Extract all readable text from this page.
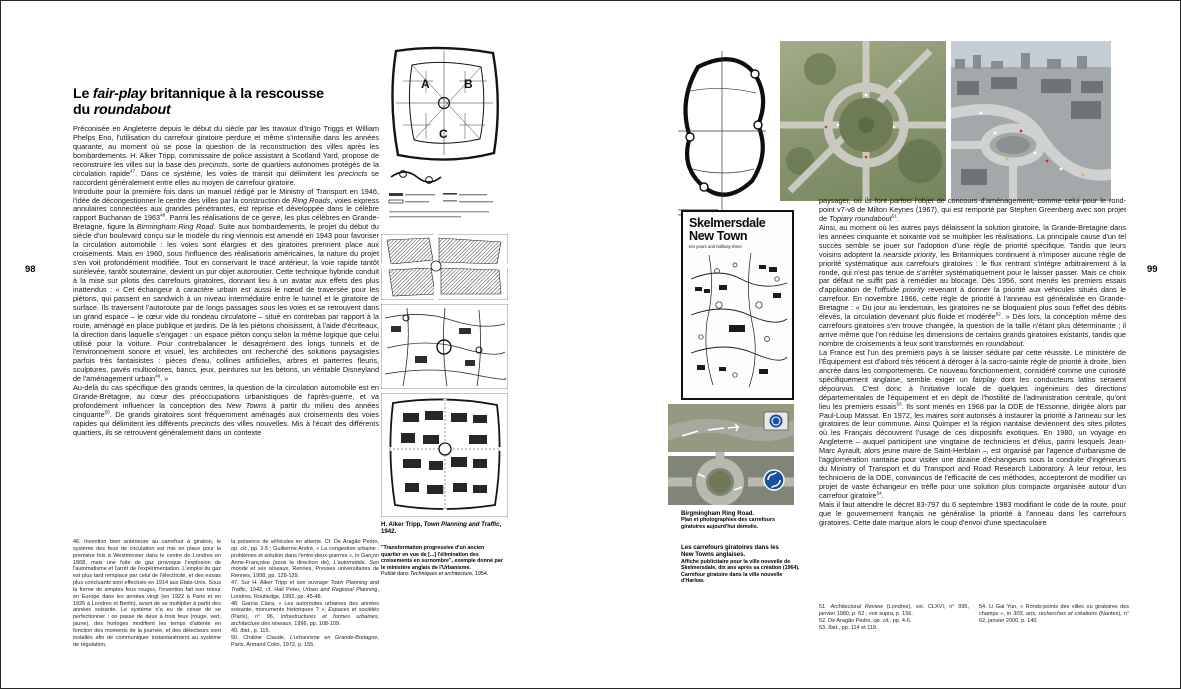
98	99
Le fair-play britannique à la rescousse
du roundabout

Préconisée en Angleterre depuis le début du siècle par les travaux d'Inigo Triggs et William Phelps Eno, l'utilisation du carrefour giratoire perdure et même s'intensifie dans les années quarante, au moment où se pose la question de la reconstruction des villes après les bombardements. H. Alker Tripp, commissaire de police assistant à Scotland Yard, propose de reconstruire les villes sur la base des precincts, sorte de quartiers autonomes protégés de la circulation rapide$^{47}$. Dans ce système, les voies de transit qui délimitent les precincts se raccordent généralement entre elles au moyen de carrefour giratoire.

Introduite pour la première fois dans un manuel rédigé par le Ministry of Transport en 1946, l'idée de décongestionner le centre des villes par la construction de Ring Roads, voies express annulaires connectées aux grandes pénétrantes, est reprise et développée dans le célèbre rapport Buchanan de 1963$^{48}$. Parmi les réalisations de ce genre, les plus célèbres en Grande-Bretagne, figure la Birmingham Ring Road. Suite aux bombardements, le projet du début du siècle d'un boulevard conçu sur le modèle du ring viennois est amendé en 1943 pour favoriser la circulation automobile : les voies sont élargies et des giratoires prennent place aux croisements. Mais en 1960, sous l'influence des réalisations américaines, la nature du projet s'en voit profondément modifiée. Tout en conservant le tracé antérieur, la voie rapide tantôt surélevée, tantôt souterraine, devient un pur objet autoroutier. Cette technique hybride conduit à la mise sur pilotis des carrefours giratoires, donnant lieu à un avatar aux effets des plus inattendus : « Cet échangeur à caractère urbain est aussi le nœud de traversée pour les piétons, qui passent en sandwich à un niveau intermédiaire entre le tunnel et le giratoire de surface. Ils traversent l'autoroute par de longs passages sous les voies et se retrouvent dans un grand espace – le cœur vide du rondeau circulatoire – situé en contrebas par rapport à la route, aménagé en place publique et jardins. De là les piétons choisissent, à l'aide d'écriteaux, la direction dans laquelle s'engager : un espace piéton conçu selon la même logique que celui utilisé pour la voiture. Pour contrebalancer le désagrément des longs tunnels et de l'environnement sonore et visuel, les architectes ont recherché des solutions paysagistes parfois très fantaisistes : pièces d'eau, collines artificielles, arbres et parterres fleuris, sculptures, pavés multicolores, bancs, jeux, peintures sur les bétons, un véritable Disneyland de l'aménagement urbain$^{49}$. »

Au-delà du cas spécifique des grands centres, la question de la circulation automobile est en Grande-Bretagne, au cœur des préoccupations urbanistiques de l'après-guerre, et va profondément influencer la conception des New Towns à partir du milieu des années cinquante$^{50}$. De grands giratoires sont fréquemment aménagés aux croisements des voies rapides qui délimitent les différents precincts des villes nouvelles. Mis à l'écart des différents quartiers, ils se retrouvent généralement dans un contexte

46. Invention bien antérieure au carrefour à giration, le système des feux de circulation est mis en place pour la première fois à Westminster dans le centre de Londres en 1868, mais une fuite de gaz provoque l'explosion de l'automatisme et l'arrêt de l'expérimentation. L'emploi du gaz est plus tard remplacé par celui de l'électricité, et des essais plus concluants sont effectués en 1914 aux États-Unis. Sous la forme de simples feux rouges, l'invention fait son retour en Europe dans les années vingt (en 1922 à Paris et en 1926 à Londres et Berlin), avant de se multiplier à partir des années soixante. Le système n'a eu de cesse de se perfectionner : on passe de deux à trois feux (rouge, vert, jaune), des horloges modifient les temps d'attente en fonction des moments de la journée, et des détecteurs sont installés afin de communiquer instantanément au système de régulation,

la présence de véhicules en attente. Cf. De Aragão Pedro, op. cit., pp. 2-5 ; Guillerme André, « La congestion urbaine : problèmes et solution dans l'entre-deux-guerres », in Garçon Anne-Françoise (sous la direction de), L'automobile, Son monde et ses réseaux, Rennes, Presses universitaires de Rennes, 1998, pp. 128-129.

47. Sur H. Alker Tripp et son ouvrage Town Planning and Traffic, 1942, cf. Hall Peter, Urban and Regional Planning, Londres, Routledge, 1992, pp. 45-48.

48. Garcia Clara, « Les autoroutes urbaines des années soixante, monuments historiques ? », Espaces et sociétés (Paris), n° 96, Infrastructures et formes urbaines, architecture des réseaux, 1996, pp. 108-109.

49. Ibid., p. 115.

50. Chaline Claude, L'urbanisme en Grande-Bretagne, Paris, Armand Colin, 1972, p. 155.

A	B
C
H. Alker Tripp, Town Planning and Traffic, 1942.
"Transformation progressive d'un ancien quartier en vue de [...] l'élimination des croisements en surnombre", exemple donné par le ministère anglais de l'Urbanisme.
Publié dans Techniques et architecture, 1954.
Skelmersdale
New Town
ten years and halfway there
Birgmingham Ring Road.
Plan et photographies des carrefours giratoires aujourd'hui démolis.
Les carrefours giratoires dans les
New Towns anglaises.
Affiche publicitaire pour la ville nouvelle de Skelmersdale, dix ans après sa création (1964).
Carrefour giratoire dans la ville nouvelle d'Harlow.

paysager, où ils font parfois l'objet de concours d'aménagement, comme celui pour le rond-point v7-v8 de Milton Keynes (1967), qui est remporté par Stephen Greenberg avec son projet de Topiary roundabout$^{51}$.

Ainsi, au moment où les autres pays délaissent la solution giratoire, la Grande-Bretagne dans les années cinquante et soixante voit se multiplier les réalisations. La principale cause d'un tel succès semble se jouer sur l'adoption d'une règle de priorité spécifique. Tandis que leurs voisins adoptent la nearside priority, les Britanniques continuent à n'imposer aucune règle de priorité systématique aux carrefours giratoires : le flux rentrant s'intègre arbitrairement à la ronde, qui n'est pas tenue de s'arrêter systématiquement pour le laisser passer. Mais ce choix par défaut ne suffit pas à remédier au blocage. Dès 1956, sont menés les premiers essais d'application de l'offside priority revenant à donner la priorité aux véhicules situés dans le carrefour. En novembre 1966, cette règle de priorité à l'anneau est généralisée en Grande-Bretagne : « Du jour au lendemain, les giratoires ne se bloquaient plus sous l'effet des débits élevés, la circulation devenant plus fluide et modérée$^{52}$. » Dès lors, la conception même des carrefours giratoires s'en trouve changée, la question de la taille n'étant plus déterminante ; il arrive même que l'on réduise les dimensions de certains grands giratoires existants, tandis que nombre de croisements à feux sont transformés en roundabout.

La France est l'un des premiers pays à se laisser séduire par cette réussite. Le ministère de l'Équipement est d'abord très réticent à déroger à la sacro-sainte règle de priorité à droite, bien ancrée dans les comportements. Ce nouveau fonctionnement, considéré comme une curiosité spécifiquement anglaise, semble exiger un fairplay dont les conducteurs latins seraient dépourvus. C'est donc à l'initiative locale de quelques ingénieurs des directions départementales de l'équipement et en dépit de l'hostilité de l'administration centrale, qu'ont lieu les premiers essais$^{53}$. Ils sont menés en 1968 par la DDE de l'Essonne, dirigée alors par Paul-Loup Massat. En 1972, les maires sont autorisés à instaurer la priorité à l'anneau sur les giratoires de leur commune. Ainsi Quimper et la région nantaise deviennent des sites pilotes où les Français découvrent l'usage de ces dispositifs exotiques. En 1980, un voyage en Angleterre – auquel participent une vingtaine de techniciens et d'élus, parmi lesquels Jean-Marc Ayrault, alors jeune maire de Saint-Herblain –, est organisé par l'agence d'urbanisme de l'agglomération nantaise pour visiter une dizaine d'échangeurs sous la conduite d'ingénieurs du Ministry of Transport et du Transport and Road Research Laboratory. À leur retour, les techniciens de la DDE, convaincus de l'efficacité de ces méthodes, accepteront de modifier un projet de vaste échangeur en trèfle pour une solution plus compacte organisée autour d'un carrefour giratoire$^{54}$.

Mais il faut attendre le décret 83-797 du 6 septembre 1983 modifiant le code de la route, pour que le gouvernement français ne généralise la priorité à l'anneau dans les carrefours giratoires. Cette date marque alors le coup d'envoi d'une spectaculaire

51. Architectural Review (Londres), vol. CLXVI, n° 995, janvier 1980, p. 62 ; voir supra, p. 156.

52. De Aragão Pedro, op. cit., pp. 4-6.

53. Ibid., pp. 114 et 118.

54. Li Gai Yun, « Ronds-points des villes ou giratoires des champs », in 303, arts, recherches et créations (Nantes), n° 62, janvier 2000, p. 140.
